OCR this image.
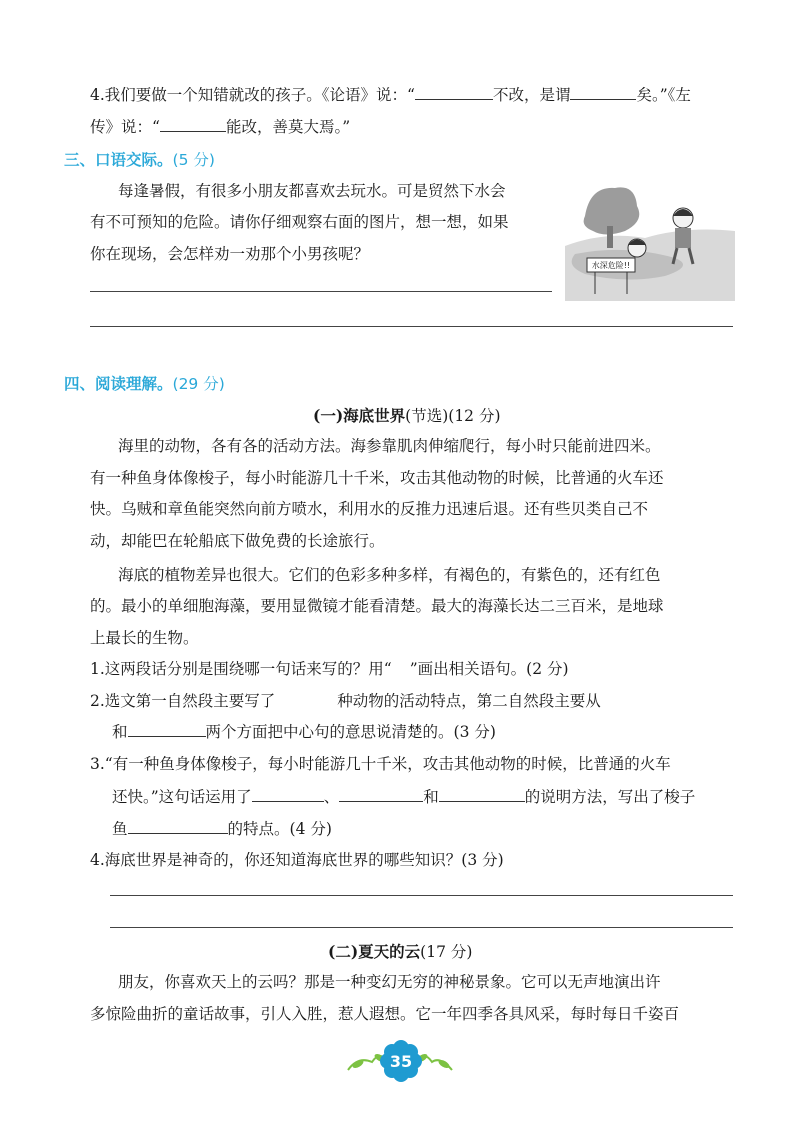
4.我们要做一个知错就改的孩子。《论语》说：“	不改，是谓	矣。”《左
传》说：“	能改，善莫大焉。”
三、口语交际。(5 分)
每逢暑假，有很多小朋友都喜欢去玩水。可是贸然下水会
有不可预知的危险。请你仔细观察右面的图片，想一想，如果
你在现场，会怎样劝一劝那个小男孩呢？
水深危险!!
四、阅读理解。(29 分)
(一)海底世界(节选)(12 分)
海里的动物，各有各的活动方法。海参靠肌肉伸缩爬行，每小时只能前进四米。
有一种鱼身体像梭子，每小时能游几十千米，攻击其他动物的时候，比普通的火车还
快。乌贼和章鱼能突然向前方喷水，利用水的反推力迅速后退。还有些贝类自己不
动，却能巴在轮船底下做免费的长途旅行。
海底的植物差异也很大。它们的色彩多种多样，有褐色的，有紫色的，还有红色
的。最小的单细胞海藻，要用显微镜才能看清楚。最大的海藻长达二三百米，是地球
上最长的生物。
1.这两段话分别是围绕哪一句话来写的？用“ ”画出相关语句。(2 分)
2.选文第一自然段主要写了	种动物的活动特点，第二自然段主要从
和	两个方面把中心句的意思说清楚的。(3 分)
3.“有一种鱼身体像梭子，每小时能游几十千米，攻击其他动物的时候，比普通的火车
还快。”这句话运用了	、	和	的说明方法，写出了梭子
鱼	的特点。(4 分)
4.海底世界是神奇的，你还知道海底世界的哪些知识？(3 分)
(二)夏天的云(17 分)
朋友，你喜欢天上的云吗？那是一种变幻无穷的神秘景象。它可以无声地演出许
多惊险曲折的童话故事，引人入胜，惹人遐想。它一年四季各具风采，每时每日千姿百
35
